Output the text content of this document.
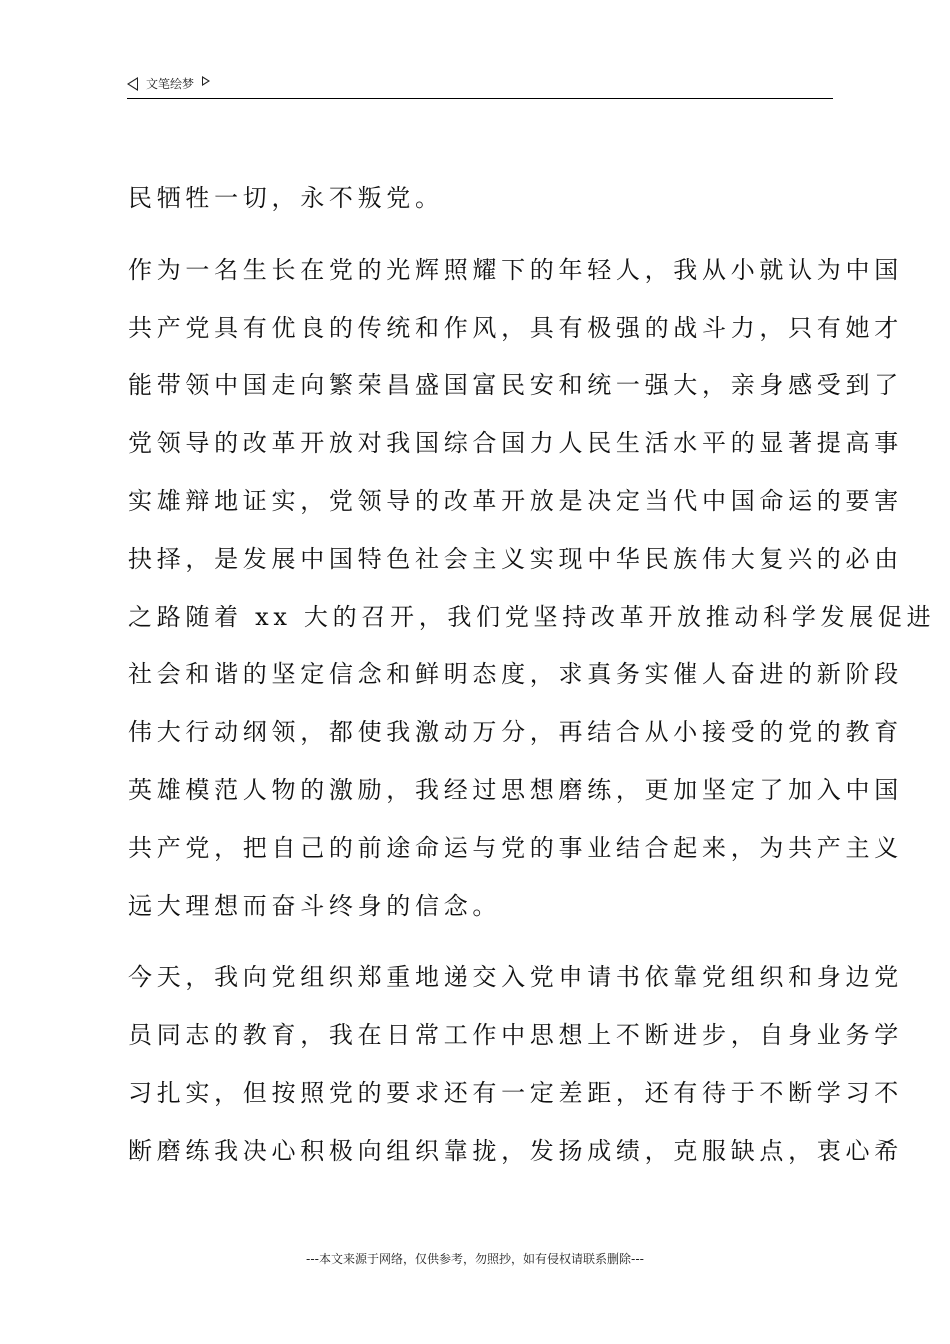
文笔绘梦
民牺牲一切，永不叛党。
作为一名生长在党的光辉照耀下的年轻人，我从小就认为中国
共产党具有优良的传统和作风，具有极强的战斗力，只有她才
能带领中国走向繁荣昌盛国富民安和统一强大，亲身感受到了
党领导的改革开放对我国综合国力人民生活水平的显著提高事
实雄辩地证实，党领导的改革开放是决定当代中国命运的要害
抉择，是发展中国特色社会主义实现中华民族伟大复兴的必由
之路随着 xx 大的召开，我们党坚持改革开放推动科学发展促进
社会和谐的坚定信念和鲜明态度，求真务实催人奋进的新阶段
伟大行动纲领，都使我激动万分，再结合从小接受的党的教育
英雄模范人物的激励，我经过思想磨练，更加坚定了加入中国
共产党，把自己的前途命运与党的事业结合起来，为共产主义
远大理想而奋斗终身的信念。
今天，我向党组织郑重地递交入党申请书依靠党组织和身边党
员同志的教育，我在日常工作中思想上不断进步，自身业务学
习扎实，但按照党的要求还有一定差距，还有待于不断学习不
断磨练我决心积极向组织靠拢，发扬成绩，克服缺点，衷心希
---本文来源于网络，仅供参考，勿照抄，如有侵权请联系删除---
